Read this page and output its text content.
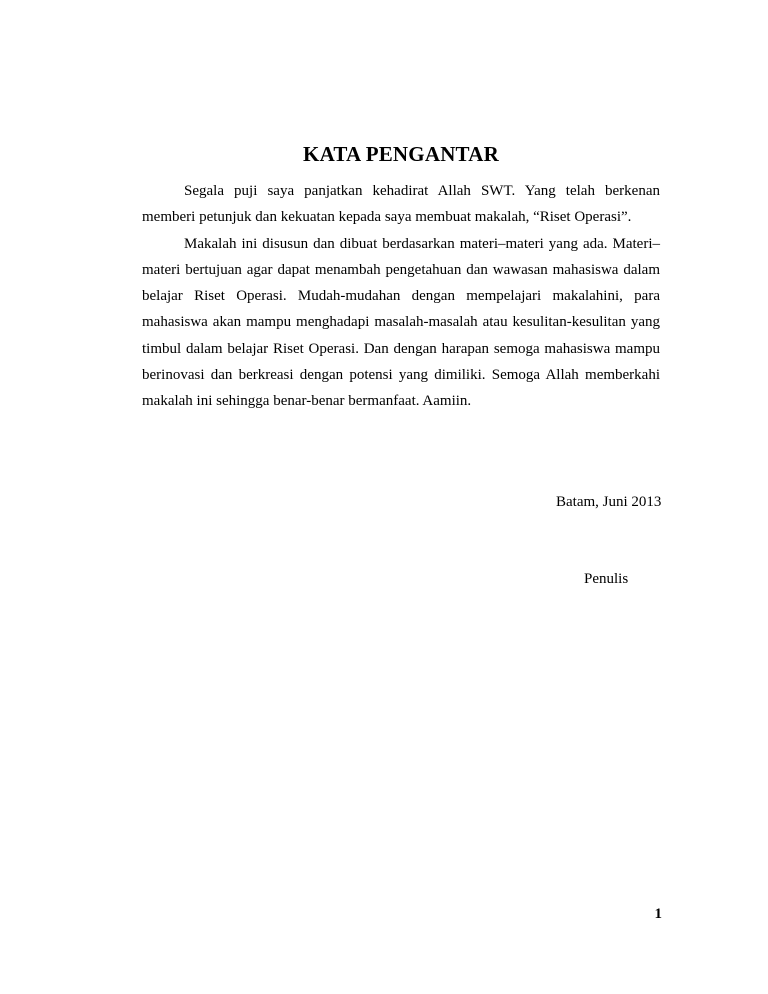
KATA PENGANTAR

Segala puji saya panjatkan kehadirat Allah SWT. Yang telah berkenan memberi petunjuk dan kekuatan kepada saya membuat makalah, “Riset Operasi”.

Makalah ini disusun dan dibuat berdasarkan materi–materi yang ada. Materi–materi bertujuan agar dapat menambah pengetahuan dan wawasan mahasiswa dalam belajar Riset Operasi. Mudah-mudahan dengan mempelajari makalahini, para mahasiswa akan mampu menghadapi masalah-masalah atau kesulitan-kesulitan yang timbul dalam belajar Riset Operasi. Dan dengan harapan semoga mahasiswa mampu berinovasi dan berkreasi dengan potensi yang dimiliki. Semoga Allah memberkahi makalah ini sehingga benar-benar bermanfaat. Aamiin.

Batam, Juni 2013

Penulis

1
